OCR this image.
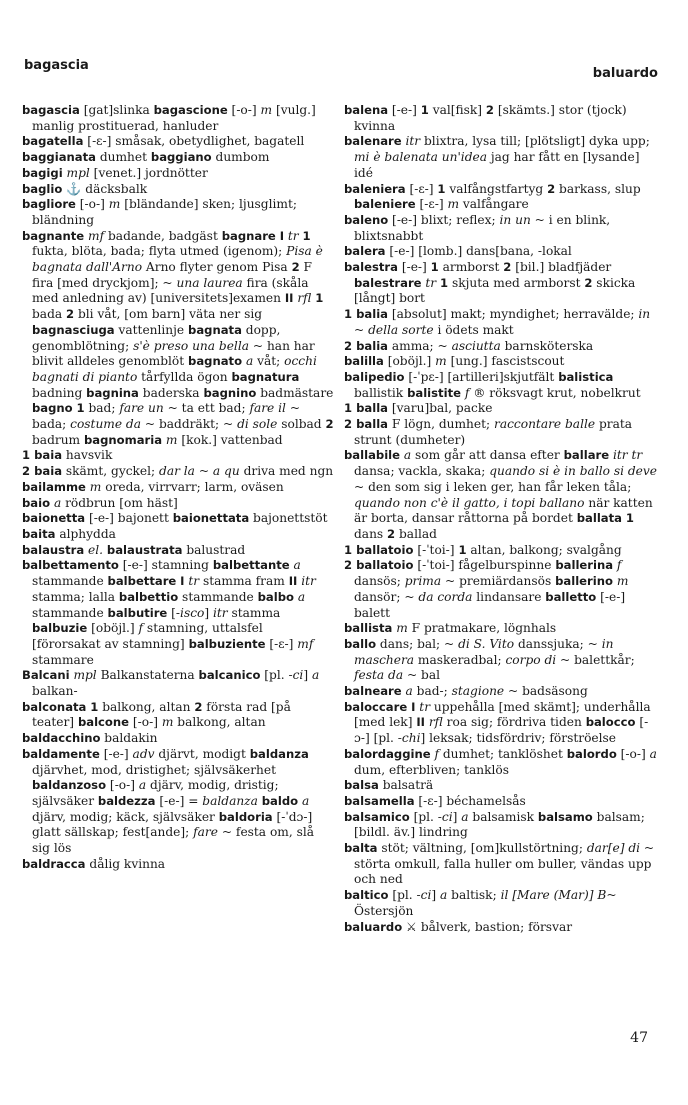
bagascia
baluardo

bagascia [gat]slinka bagascione [-o-] m [vulg.] manlig prostituerad, hanluder

bagatella [-ɛ-] småsak, obetydlighet, bagatell

baggianata dumhet baggiano dumbom

bagigi mpl [venet.] jordnötter

baglio ⚓ däcksbalk

bagliore [-o-] m [bländande] sken; ljusglimt; bländning

bagnante mf badande, badgäst bagnare I tr 1 fukta, blöta, bada; flyta utmed (igenom); Pisa è bagnata dall'Arno Arno flyter genom Pisa 2 F fira [med dryckjom]; ~ una laurea fira (skåla med anledning av) [universitets]examen II rfl 1 bada 2 bli våt, [om barn] väta ner sig bagnasciuga vattenlinje bagnata dopp, genomblötning; s'è preso una bella ~ han har blivit alldeles genomblöt bagnato a våt; occhi bagnati di pianto tårfyllda ögon bagnatura badning bagnina baderska bagnino badmästare bagno 1 bad; fare un ~ ta ett bad; fare il ~ bada; costume da ~ baddräkt; ~ di sole solbad 2 badrum bagnomaria m [kok.] vattenbad

1 baia havsvik

2 baia skämt, gyckel; dar la ~ a qu driva med ngn

bailamme m oreda, virrvarr; larm, oväsen

baio a rödbrun [om häst]

baionetta [-e-] bajonett baionettata bajonettstöt

baita alphydda

balaustra el. balaustrata balustrad

balbettamento [-e-] stamning balbettante a stammande balbettare I tr stamma fram II itr stamma; lalla balbettio stammande balbo a stammande balbutire [-isco] itr stamma balbuzie [oböjl.] f stamning, uttalsfel [förorsakat av stamning] balbuziente [-ɛ-] mf stammare

Balcani mpl Balkanstaterna balcanico [pl. -ci] a balkan-

balconata 1 balkong, altan 2 första rad [på teater] balcone [-o-] m balkong, altan

baldacchino baldakin

baldamente [-e-] adv djärvt, modigt baldanza djärvhet, mod, dristighet; självsäkerhet baldanzoso [-o-] a djärv, modig, dristig; självsäker baldezza [-e-] = baldanza baldo a djärv, modig; käck, självsäker baldoria [-ˈdɔ-] glatt sällskap; fest[ande]; fare ~ festa om, slå sig lös

baldracca dålig kvinna

balena [-e-] 1 val[fisk] 2 [skämts.] stor (tjock) kvinna

balenare itr blixtra, lysa till; [plötsligt] dyka upp; mi è balenata un'idea jag har fått en [lysande] idé

baleniera [-ɛ-] 1 valfångstfartyg 2 barkass, slup baleniere [-ɛ-] m valfångare

baleno [-e-] blixt; reflex; in un ~ i en blink, blixtsnabbt

balera [-e-] [lomb.] dans[bana, -lokal

balestra [-e-] 1 armborst 2 [bil.] bladfjäder balestrare tr 1 skjuta med armborst 2 skicka [långt] bort

1 balia [absolut] makt; myndighet; herravälde; in ~ della sorte i ödets makt

2 balia amma; ~ asciutta barnsköterska

balilla [oböjl.] m [ung.] fascistscout

balipedio [-ˈpɛ-] [artilleri]skjutfält balistica ballistik balistite f ® röksvagt krut, nobelkrut

1 balla [varu]bal, packe

2 balla F lögn, dumhet; raccontare balle prata strunt (dumheter)

ballabile a som går att dansa efter ballare itr tr dansa; vackla, skaka; quando si è in ballo si deve ~ den som sig i leken ger, han får leken tåla; quando non c'è il gatto, i topi ballano när katten är borta, dansar råttorna på bordet ballata 1 dans 2 ballad

1 ballatoio [-ˈtoi-] 1 altan, balkong; svalgång

2 ballatoio [-ˈtoi-] fågelburspinne ballerina f dansös; prima ~ premiärdansös ballerino m dansör; ~ da corda lindansare balletto [-e-] balett

ballista m F pratmakare, lögnhals

ballo dans; bal; ~ di S. Vito danssjuka; ~ in maschera maskeradbal; corpo di ~ balettkår; festa da ~ bal

balneare a bad-; stagione ~ badsäsong

baloccare I tr uppehålla [med skämt]; underhålla [med lek] II rfl roa sig; fördriva tiden balocco [-ɔ-] [pl. -chi] leksak; tidsfördriv; förströelse

balordaggine f dumhet; tanklöshet balordo [-o-] a dum, efterbliven; tanklös

balsa balsaträ

balsamella [-ɛ-] béchamelsås

balsamico [pl. -ci] a balsamisk balsamo balsam; [bildl. äv.] lindring

balta stöt; vältning, [om]kullstörtning; dar[e] di ~ störta omkull, falla huller om buller, vändas upp och ned

baltico [pl. -ci] a baltisk; il [Mare (Mar)] B~ Östersjön

baluardo ⚔ bålverk, bastion; försvar

47
